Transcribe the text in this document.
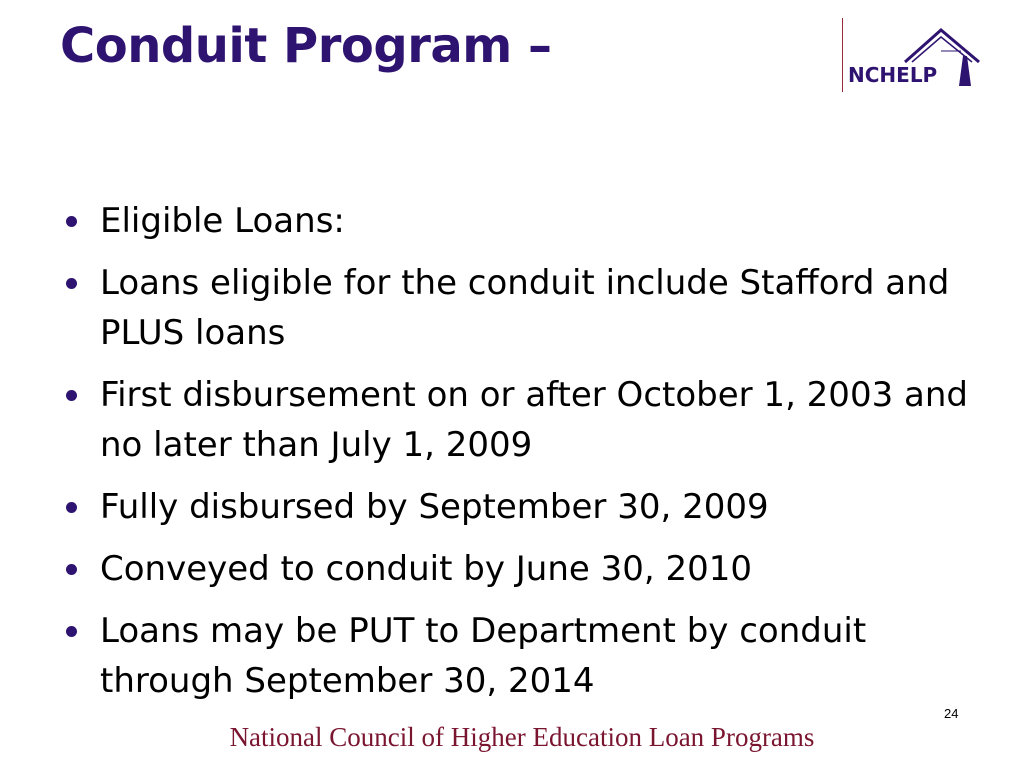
Conduit Program –
NCHELP
Eligible Loans:
Loans eligible for the conduit include Stafford and PLUS loans
First disbursement on or after October 1, 2003 and no later than July 1, 2009
Fully disbursed by September 30, 2009
Conveyed to conduit by June 30, 2010
Loans may be PUT to Department by conduit through September 30, 2014
24
National Council of Higher Education Loan Programs
